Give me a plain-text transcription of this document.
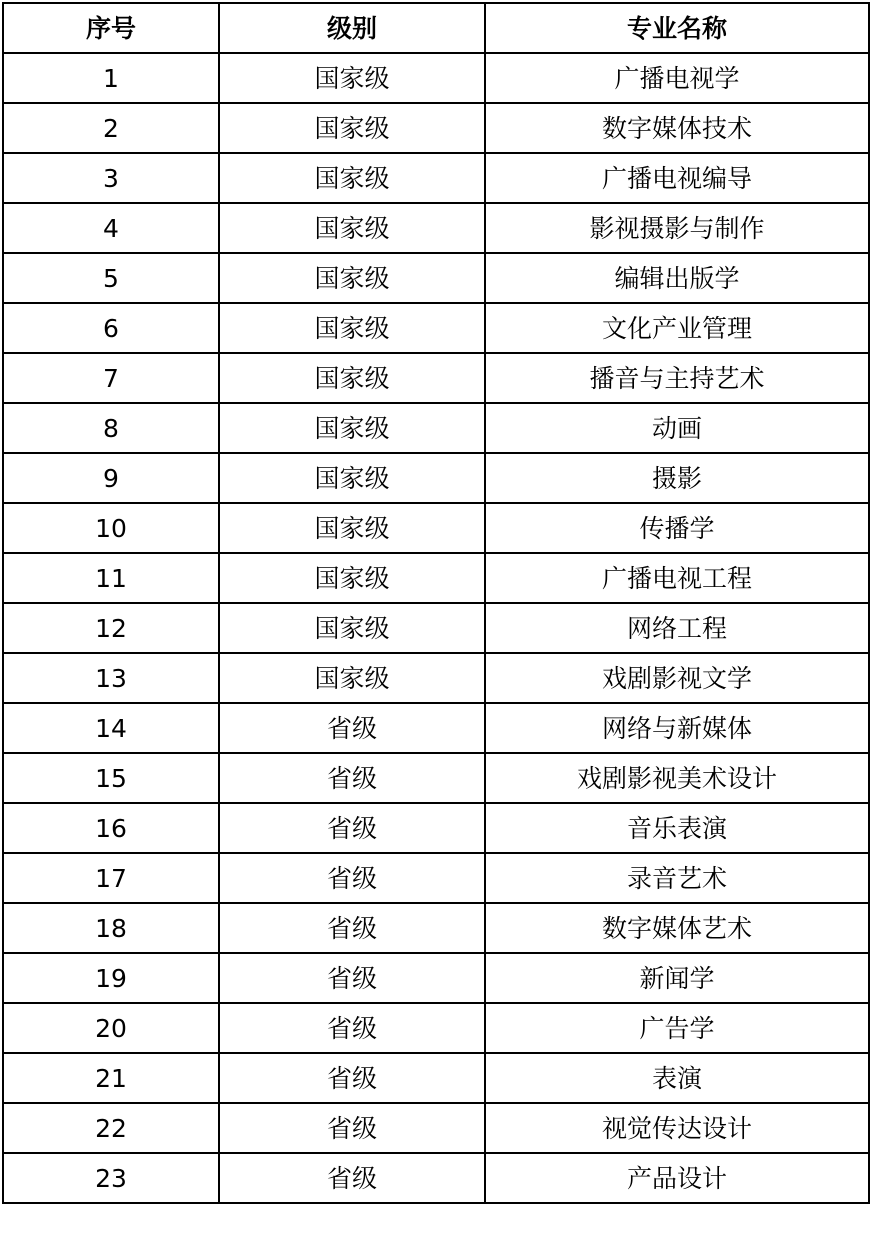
序号	级别	专业名称
1	国家级	广播电视学
2	国家级	数字媒体技术
3	国家级	广播电视编导
4	国家级	影视摄影与制作
5	国家级	编辑出版学
6	国家级	文化产业管理
7	国家级	播音与主持艺术
8	国家级	动画
9	国家级	摄影
10	国家级	传播学
11	国家级	广播电视工程
12	国家级	网络工程
13	国家级	戏剧影视文学
14	省级	网络与新媒体
15	省级	戏剧影视美术设计
16	省级	音乐表演
17	省级	录音艺术
18	省级	数字媒体艺术
19	省级	新闻学
20	省级	广告学
21	省级	表演
22	省级	视觉传达设计
23	省级	产品设计
